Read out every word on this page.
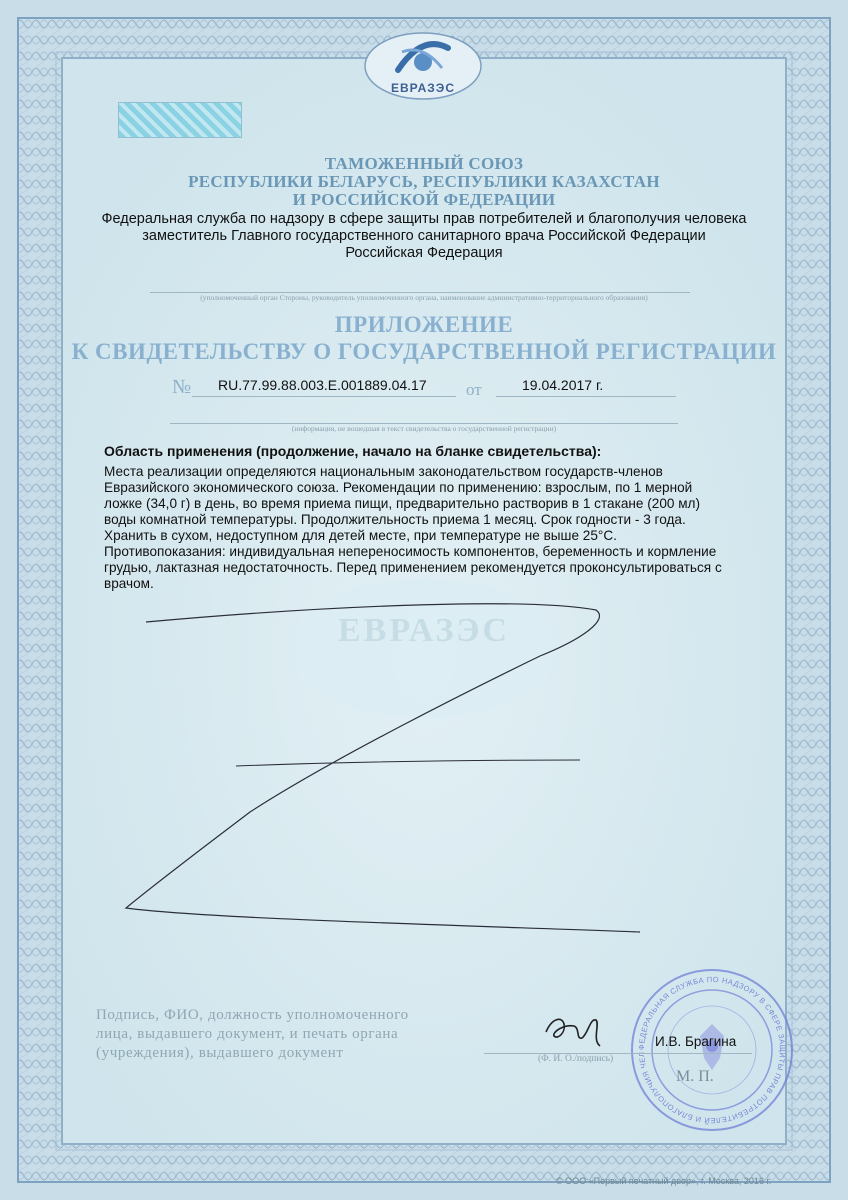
ЕВРАЗЭС
ЕВРАЗЭС
ТАМОЖЕННЫЙ СОЮЗ
РЕСПУБЛИКИ БЕЛАРУСЬ, РЕСПУБЛИКИ КАЗАХСТАН
И РОССИЙСКОЙ ФЕДЕРАЦИИ
Федеральная служба по надзору в сфере защиты прав потребителей и благополучия человека
заместитель Главного государственного санитарного врача Российской Федерации
Российская Федерация
(уполномоченный орган Стороны, руководитель уполномоченного органа, наименование административно-территориального образования)
ПРИЛОЖЕНИЕ
К СВИДЕТЕЛЬСТВУ О ГОСУДАРСТВЕННОЙ РЕГИСТРАЦИИ
№ RU.77.99.88.003.E.001889.04.17 от	19.04.2017 г.
(информация, не вошедшая в текст свидетельства о государственной регистрации)
Область применения (продолжение, начало на бланке свидетельства):
Места реализации определяются национальным законодательством государств-членов
Евразийского экономического союза. Рекомендации по применению: взрослым, по 1 мерной
ложке (34,0 г) в день, во время приема пищи, предварительно растворив в 1 стакане (200 мл)
воды комнатной температуры. Продолжительность приема 1 месяц. Срок годности - 3 года.
Хранить в сухом, недоступном для детей месте, при температуре не выше 25°С.
Противопоказания: индивидуальная непереносимость компонентов, беременность и кормление
грудью, лактазная недостаточность. Перед применением рекомендуется проконсультироваться с
врачом.
Подпись, ФИО, должность уполномоченного
лица, выдавшего документ, и печать органа
(учреждения), выдавшего документ	ФЕДЕРАЛЬНАЯ СЛУЖБА ПО НАДЗОРУ В СФЕРЕ ЗАЩИТЫ ПРАВ ПОТРЕБИТЕЛЕЙ И БЛАГОПОЛУЧИЯ ЧЕЛ
И.В. Брагина
(Ф. И. О./подпись)
М. П.
© ООО «Первый печатный двор», г. Москва, 2016 г.
